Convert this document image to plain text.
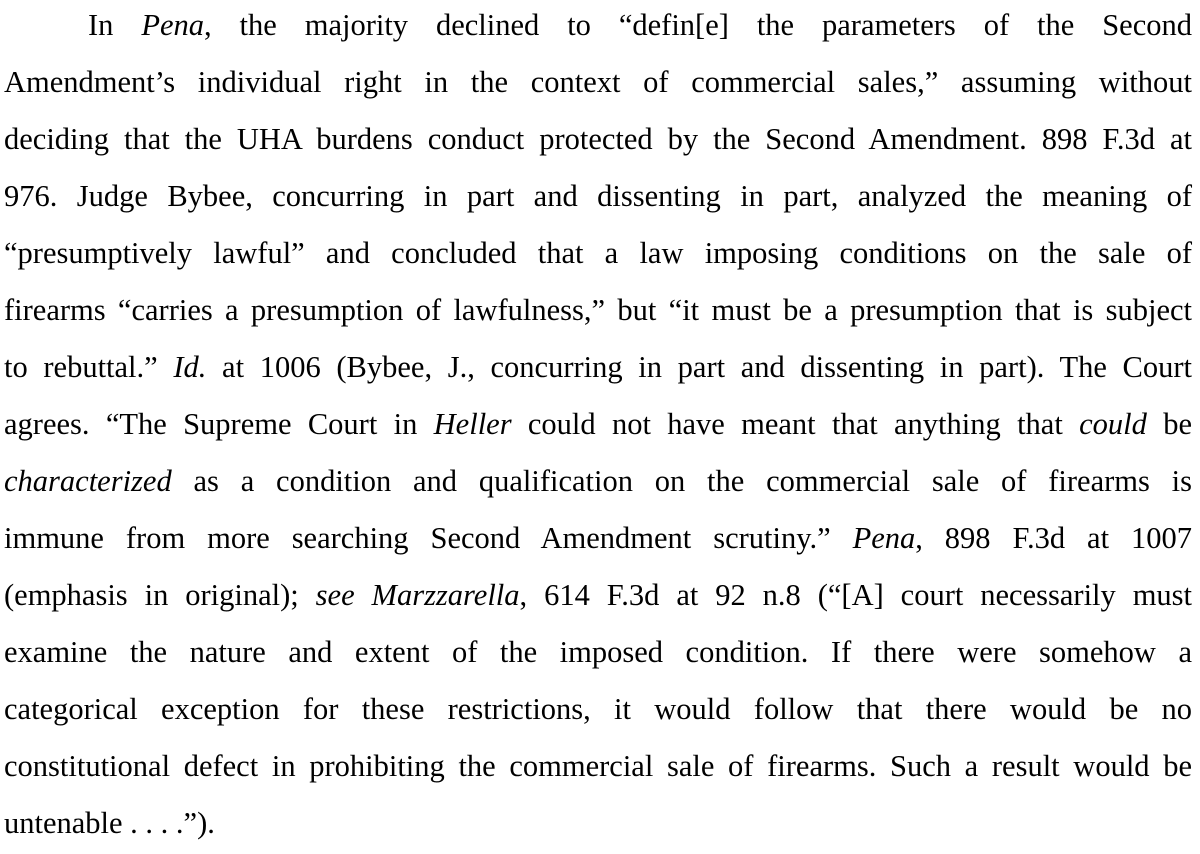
In Pena, the majority declined to “defin[e] the parameters of the Second
Amendment’s individual right in the context of commercial sales,” assuming without
deciding that the UHA burdens conduct protected by the Second Amendment. 898 F.3d at
976. Judge Bybee, concurring in part and dissenting in part, analyzed the meaning of
“presumptively lawful” and concluded that a law imposing conditions on the sale of
firearms “carries a presumption of lawfulness,” but “it must be a presumption that is subject
to rebuttal.” Id. at 1006 (Bybee, J., concurring in part and dissenting in part). The Court
agrees. “The Supreme Court in Heller could not have meant that anything that could be
characterized as a condition and qualification on the commercial sale of firearms is
immune from more searching Second Amendment scrutiny.” Pena, 898 F.3d at 1007
(emphasis in original); see Marzzarella, 614 F.3d at 92 n.8 (“[A] court necessarily must
examine the nature and extent of the imposed condition. If there were somehow a
categorical exception for these restrictions, it would follow that there would be no
constitutional defect in prohibiting the commercial sale of firearms. Such a result would be
untenable . . . .”).
